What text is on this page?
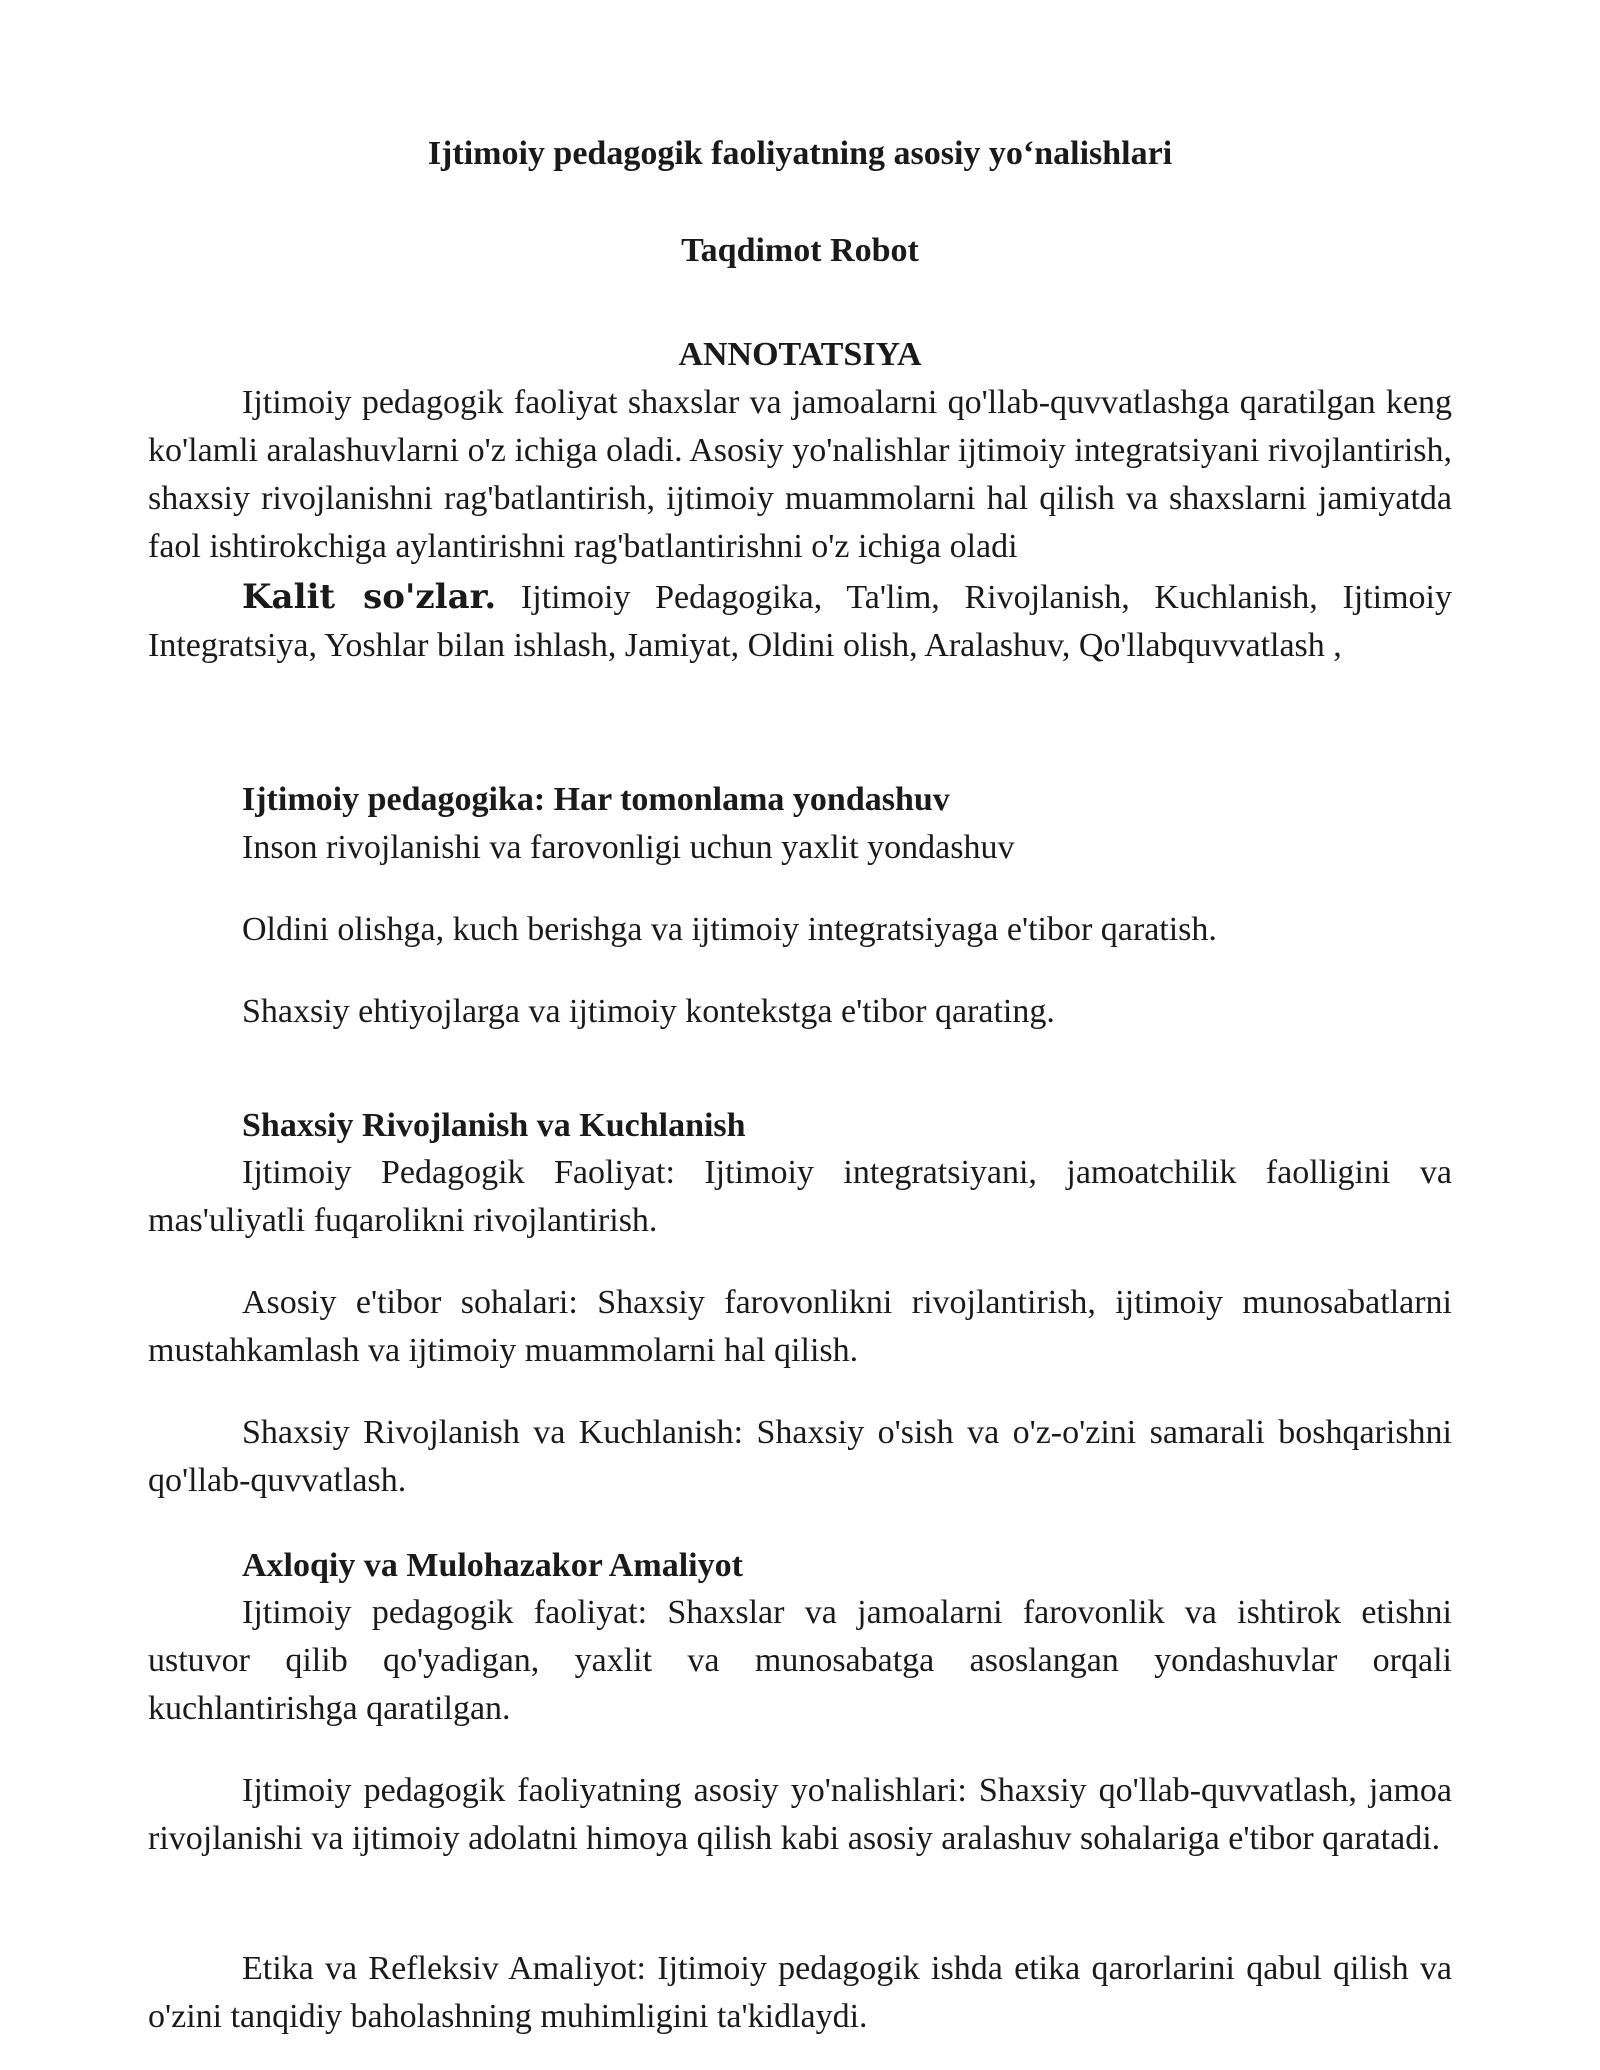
Ijtimoiy pedagogik faoliyatning asosiy yo‘nalishlari
Taqdimot Robot
ANNOTATSIYA
Ijtimoiy pedagogik faoliyat shaxslar va jamoalarni qo'llab-quvvatlashga qaratilgan keng ko'lamli aralashuvlarni o'z ichiga oladi. Asosiy yo'nalishlar ijtimoiy integratsiyani rivojlantirish, shaxsiy rivojlanishni rag'batlantirish, ijtimoiy muammolarni hal qilish va shaxslarni jamiyatda faol ishtirokchiga aylantirishni rag'batlantirishni o'z ichiga oladi
Kalit so'zlar. Ijtimoiy Pedagogika, Ta'lim, Rivojlanish, Kuchlanish, Ijtimoiy Integratsiya, Yoshlar bilan ishlash, Jamiyat, Oldini olish, Aralashuv, Qo'llabquvvatlash ,
Ijtimoiy pedagogika: Har tomonlama yondashuv
Inson rivojlanishi va farovonligi uchun yaxlit yondashuv
Oldini olishga, kuch berishga va ijtimoiy integratsiyaga e'tibor qaratish.
Shaxsiy ehtiyojlarga va ijtimoiy kontekstga e'tibor qarating.
Shaxsiy Rivojlanish va Kuchlanish
Ijtimoiy Pedagogik Faoliyat: Ijtimoiy integratsiyani, jamoatchilik faolligini va mas'uliyatli fuqarolikni rivojlantirish.
Asosiy e'tibor sohalari: Shaxsiy farovonlikni rivojlantirish, ijtimoiy munosabatlarni mustahkamlash va ijtimoiy muammolarni hal qilish.
Shaxsiy Rivojlanish va Kuchlanish: Shaxsiy o'sish va o'z-o'zini samarali boshqarishni qo'llab-quvvatlash.
Axloqiy va Mulohazakor Amaliyot
Ijtimoiy pedagogik faoliyat: Shaxslar va jamoalarni farovonlik va ishtirok etishni ustuvor qilib qo'yadigan, yaxlit va munosabatga asoslangan yondashuvlar orqali kuchlantirishga qaratilgan.
Ijtimoiy pedagogik faoliyatning asosiy yo'nalishlari: Shaxsiy qo'llab-quvvatlash, jamoa rivojlanishi va ijtimoiy adolatni himoya qilish kabi asosiy aralashuv sohalariga e'tibor qaratadi.
Etika va Refleksiv Amaliyot: Ijtimoiy pedagogik ishda etika qarorlarini qabul qilish va o'zini tanqidiy baholashning muhimligini ta'kidlaydi.
